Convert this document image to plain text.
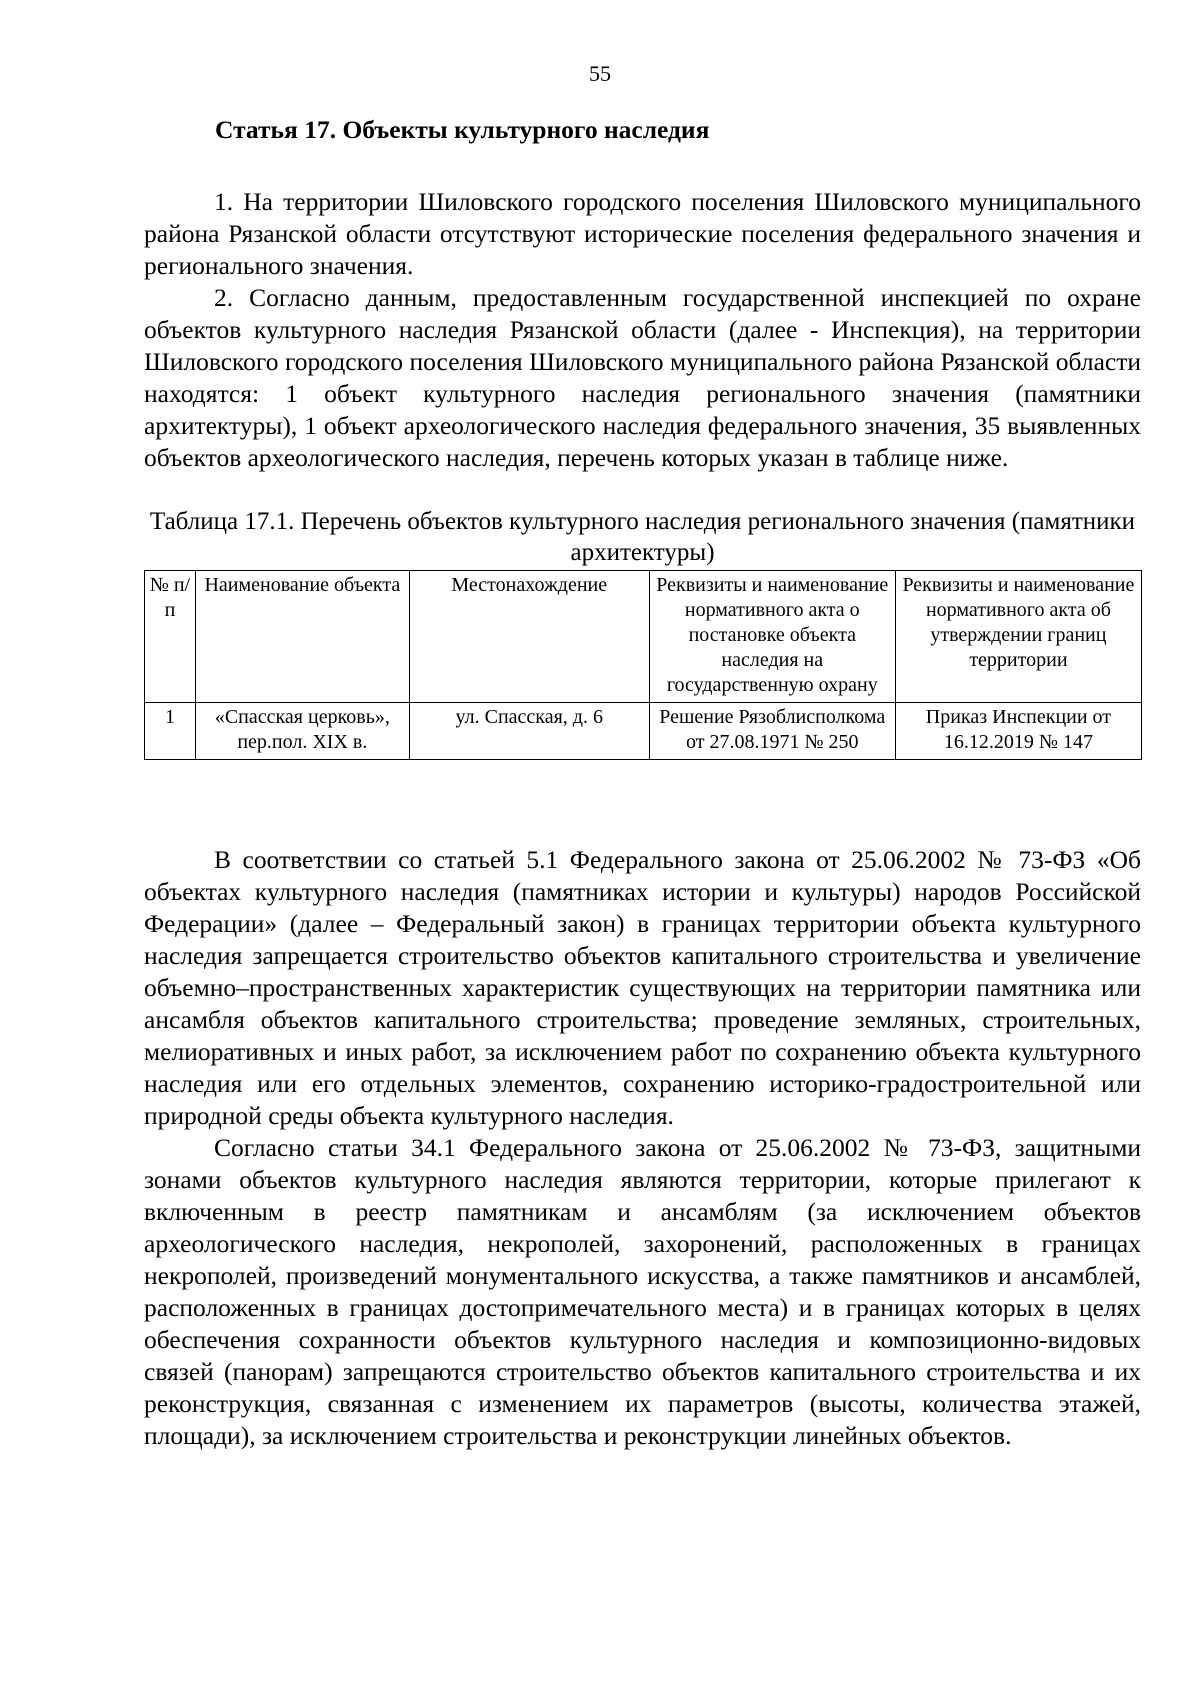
55
Статья 17. Объекты культурного наследия

1. На территории Шиловского городского поселения Шиловского муниципального района Рязанской области отсутствуют исторические поселения федерального значения и регионального значения.

2. Согласно данным, предоставленным государственной инспекцией по охране объектов культурного наследия Рязанской области (далее - Инспекция), на территории Шиловского городского поселения Шиловского муниципального района Рязанской области находятся: 1 объект культурного наследия регионального значения (памятники архитектуры), 1 объект археологического наследия федерального значения, 35 выявленных объектов археологического наследия, перечень которых указан в таблице ниже.

Таблица 17.1. Перечень объектов культурного наследия регионального значения (памятники архитектуры)
№ п/п	Наименование объекта	Местонахождение	Реквизиты и наименование нормативного акта о постановке объекта наследия на государственную охрану	Реквизиты и наименование нормативного акта об утверждении границ территории
1	«Спасская церковь», пер.пол. XIX в.	ул. Спасская, д. 6	Решение Рязоблисполкома от 27.08.1971 № 250	Приказ Инспекции от 16.12.2019 № 147

В соответствии со статьей 5.1 Федерального закона от 25.06.2002 № 73-ФЗ «Об объектах культурного наследия (памятниках истории и культуры) народов Российской Федерации» (далее – Федеральный закон) в границах территории объекта культурного наследия запрещается строительство объектов капитального строительства и увеличение объемно–пространственных характеристик существующих на территории памятника или ансамбля объектов капитального строительства; проведение земляных, строительных, мелиоративных и иных работ, за исключением работ по сохранению объекта культурного наследия или его отдельных элементов, сохранению историко-градостроительной или природной среды объекта культурного наследия.

Согласно статьи 34.1 Федерального закона от 25.06.2002 № 73-ФЗ, защитными зонами объектов культурного наследия являются территории, которые прилегают к включенным в реестр памятникам и ансамблям (за исключением объектов археологического наследия, некрополей, захоронений, расположенных в границах некрополей, произведений монументального искусства, а также памятников и ансамблей, расположенных в границах достопримечательного места) и в границах которых в целях обеспечения сохранности объектов культурного наследия и композиционно-видовых связей (панорам) запрещаются строительство объектов капитального строительства и их реконструкция, связанная с изменением их параметров (высоты, количества этажей, площади), за исключением строительства и реконструкции линейных объектов.
